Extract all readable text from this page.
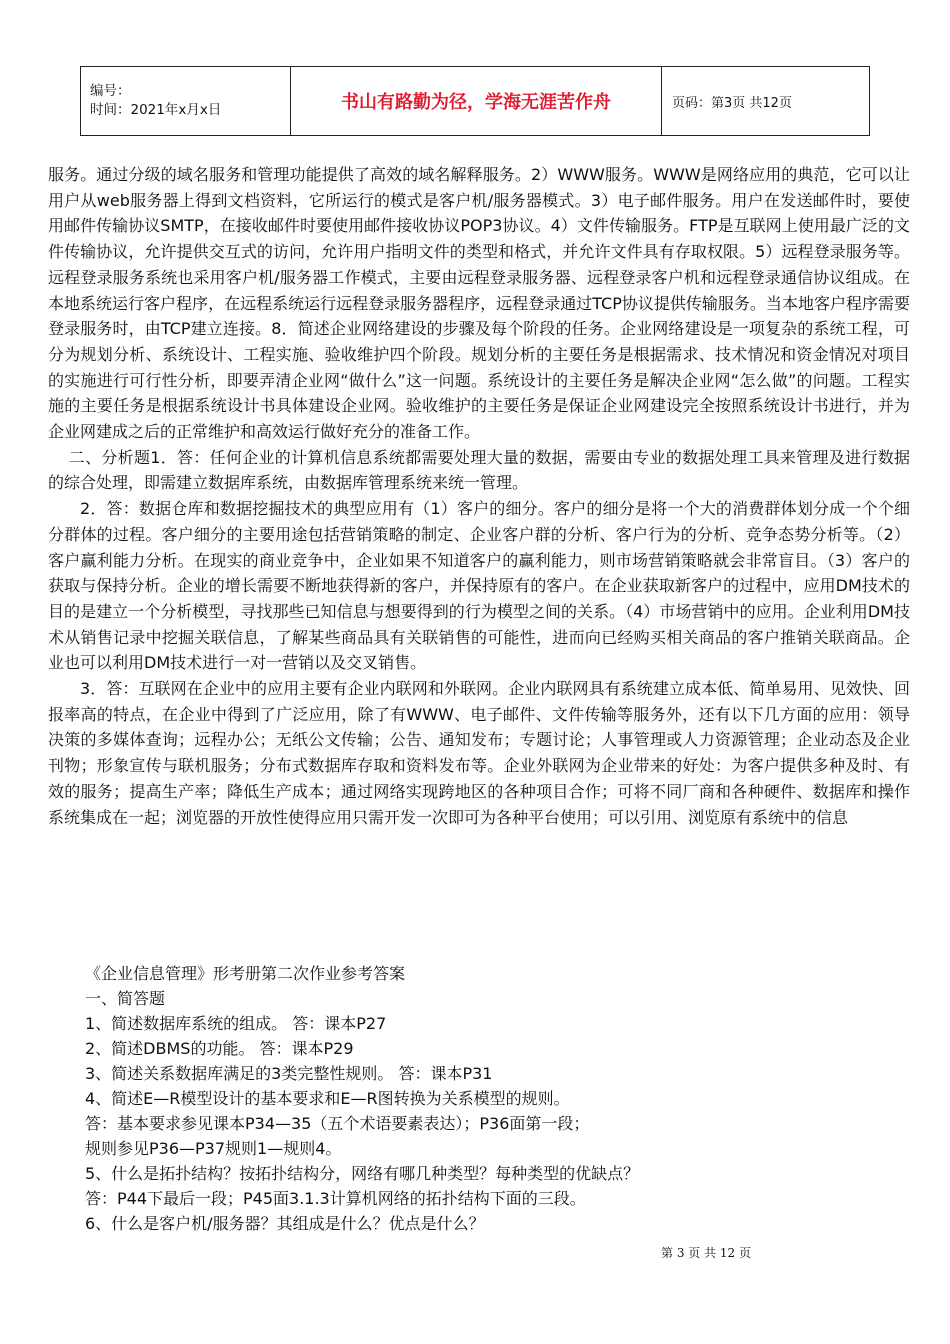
编号：
时间：2021年x月x日	书山有路勤为径，学海无涯苦作舟	页码：第3页 共12页

服务。通过分级的域名服务和管理功能提供了高效的域名解释服务。2）WWW服务。WWW是网络应用的典范，它可以让用户从web服务器上得到文档资料，它所运行的模式是客户机/服务器模式。3）电子邮件服务。用户在发送邮件时，要使用邮件传输协议SMTP，在接收邮件时要使用邮件接收协议POP3协议。4）文件传输服务。FTP是互联网上使用最广泛的文件传输协议，允许提供交互式的访问，允许用户指明文件的类型和格式，并允许文件具有存取权限。5）远程登录服务等。远程登录服务系统也采用客户机/服务器工作模式，主要由远程登录服务器、远程登录客户机和远程登录通信协议组成。在本地系统运行客户程序，在远程系统运行远程登录服务器程序，远程登录通过TCP协议提供传输服务。当本地客户程序需要登录服务时，由TCP建立连接。8．简述企业网络建设的步骤及每个阶段的任务。企业网络建设是一项复杂的系统工程，可分为规划分析、系统设计、工程实施、验收维护四个阶段。规划分析的主要任务是根据需求、技术情况和资金情况对项目的实施进行可行性分析，即要弄清企业网“做什么”这一问题。系统设计的主要任务是解决企业网“怎么做”的问题。工程实施的主要任务是根据系统设计书具体建设企业网。验收维护的主要任务是保证企业网建设完全按照系统设计书进行，并为企业网建成之后的正常维护和高效运行做好充分的准备工作。

二、分析题1．答：任何企业的计算机信息系统都需要处理大量的数据，需要由专业的数据处理工具来管理及进行数据的综合处理，即需建立数据库系统，由数据库管理系统来统一管理。

2．答：数据仓库和数据挖掘技术的典型应用有（1）客户的细分。客户的细分是将一个大的消费群体划分成一个个细分群体的过程。客户细分的主要用途包括营销策略的制定、企业客户群的分析、客户行为的分析、竞争态势分析等。（2）客户赢利能力分析。在现实的商业竞争中，企业如果不知道客户的赢利能力，则市场营销策略就会非常盲目。（3）客户的获取与保持分析。企业的增长需要不断地获得新的客户，并保持原有的客户。在企业获取新客户的过程中，应用DM技术的目的是建立一个分析模型，寻找那些已知信息与想要得到的行为模型之间的关系。（4）市场营销中的应用。企业利用DM技术从销售记录中挖掘关联信息，了解某些商品具有关联销售的可能性，进而向已经购买相关商品的客户推销关联商品。企业也可以利用DM技术进行一对一营销以及交叉销售。

3．答：互联网在企业中的应用主要有企业内联网和外联网。企业内联网具有系统建立成本低、简单易用、见效快、回报率高的特点，在企业中得到了广泛应用，除了有WWW、电子邮件、文件传输等服务外，还有以下几方面的应用：领导决策的多媒体查询；远程办公；无纸公文传输；公告、通知发布；专题讨论；人事管理或人力资源管理；企业动态及企业刊物；形象宣传与联机服务；分布式数据库存取和资料发布等。企业外联网为企业带来的好处：为客户提供多种及时、有效的服务；提高生产率；降低生产成本；通过网络实现跨地区的各种项目合作；可将不同厂商和各种硬件、数据库和操作系统集成在一起；浏览器的开放性使得应用只需开发一次即可为各种平台使用；可以引用、浏览原有系统中的信息

《企业信息管理》形考册第二次作业参考答案

一、简答题

1、简述数据库系统的组成。 答：课本P27

2、简述DBMS的功能。 答：课本P29

3、简述关系数据库满足的3类完整性规则。 答：课本P31

4、简述E—R模型设计的基本要求和E—R图转换为关系模型的规则。

答：基本要求参见课本P34—35（五个术语要素表达）；P36面第一段；

规则参见P36—P37规则1—规则4。

5、什么是拓扑结构？按拓扑结构分，网络有哪几种类型？每种类型的优缺点？

答：P44下最后一段；P45面3.1.3计算机网络的拓扑结构下面的三段。

6、什么是客户机/服务器？其组成是什么？优点是什么？

第 3 页 共 12 页
